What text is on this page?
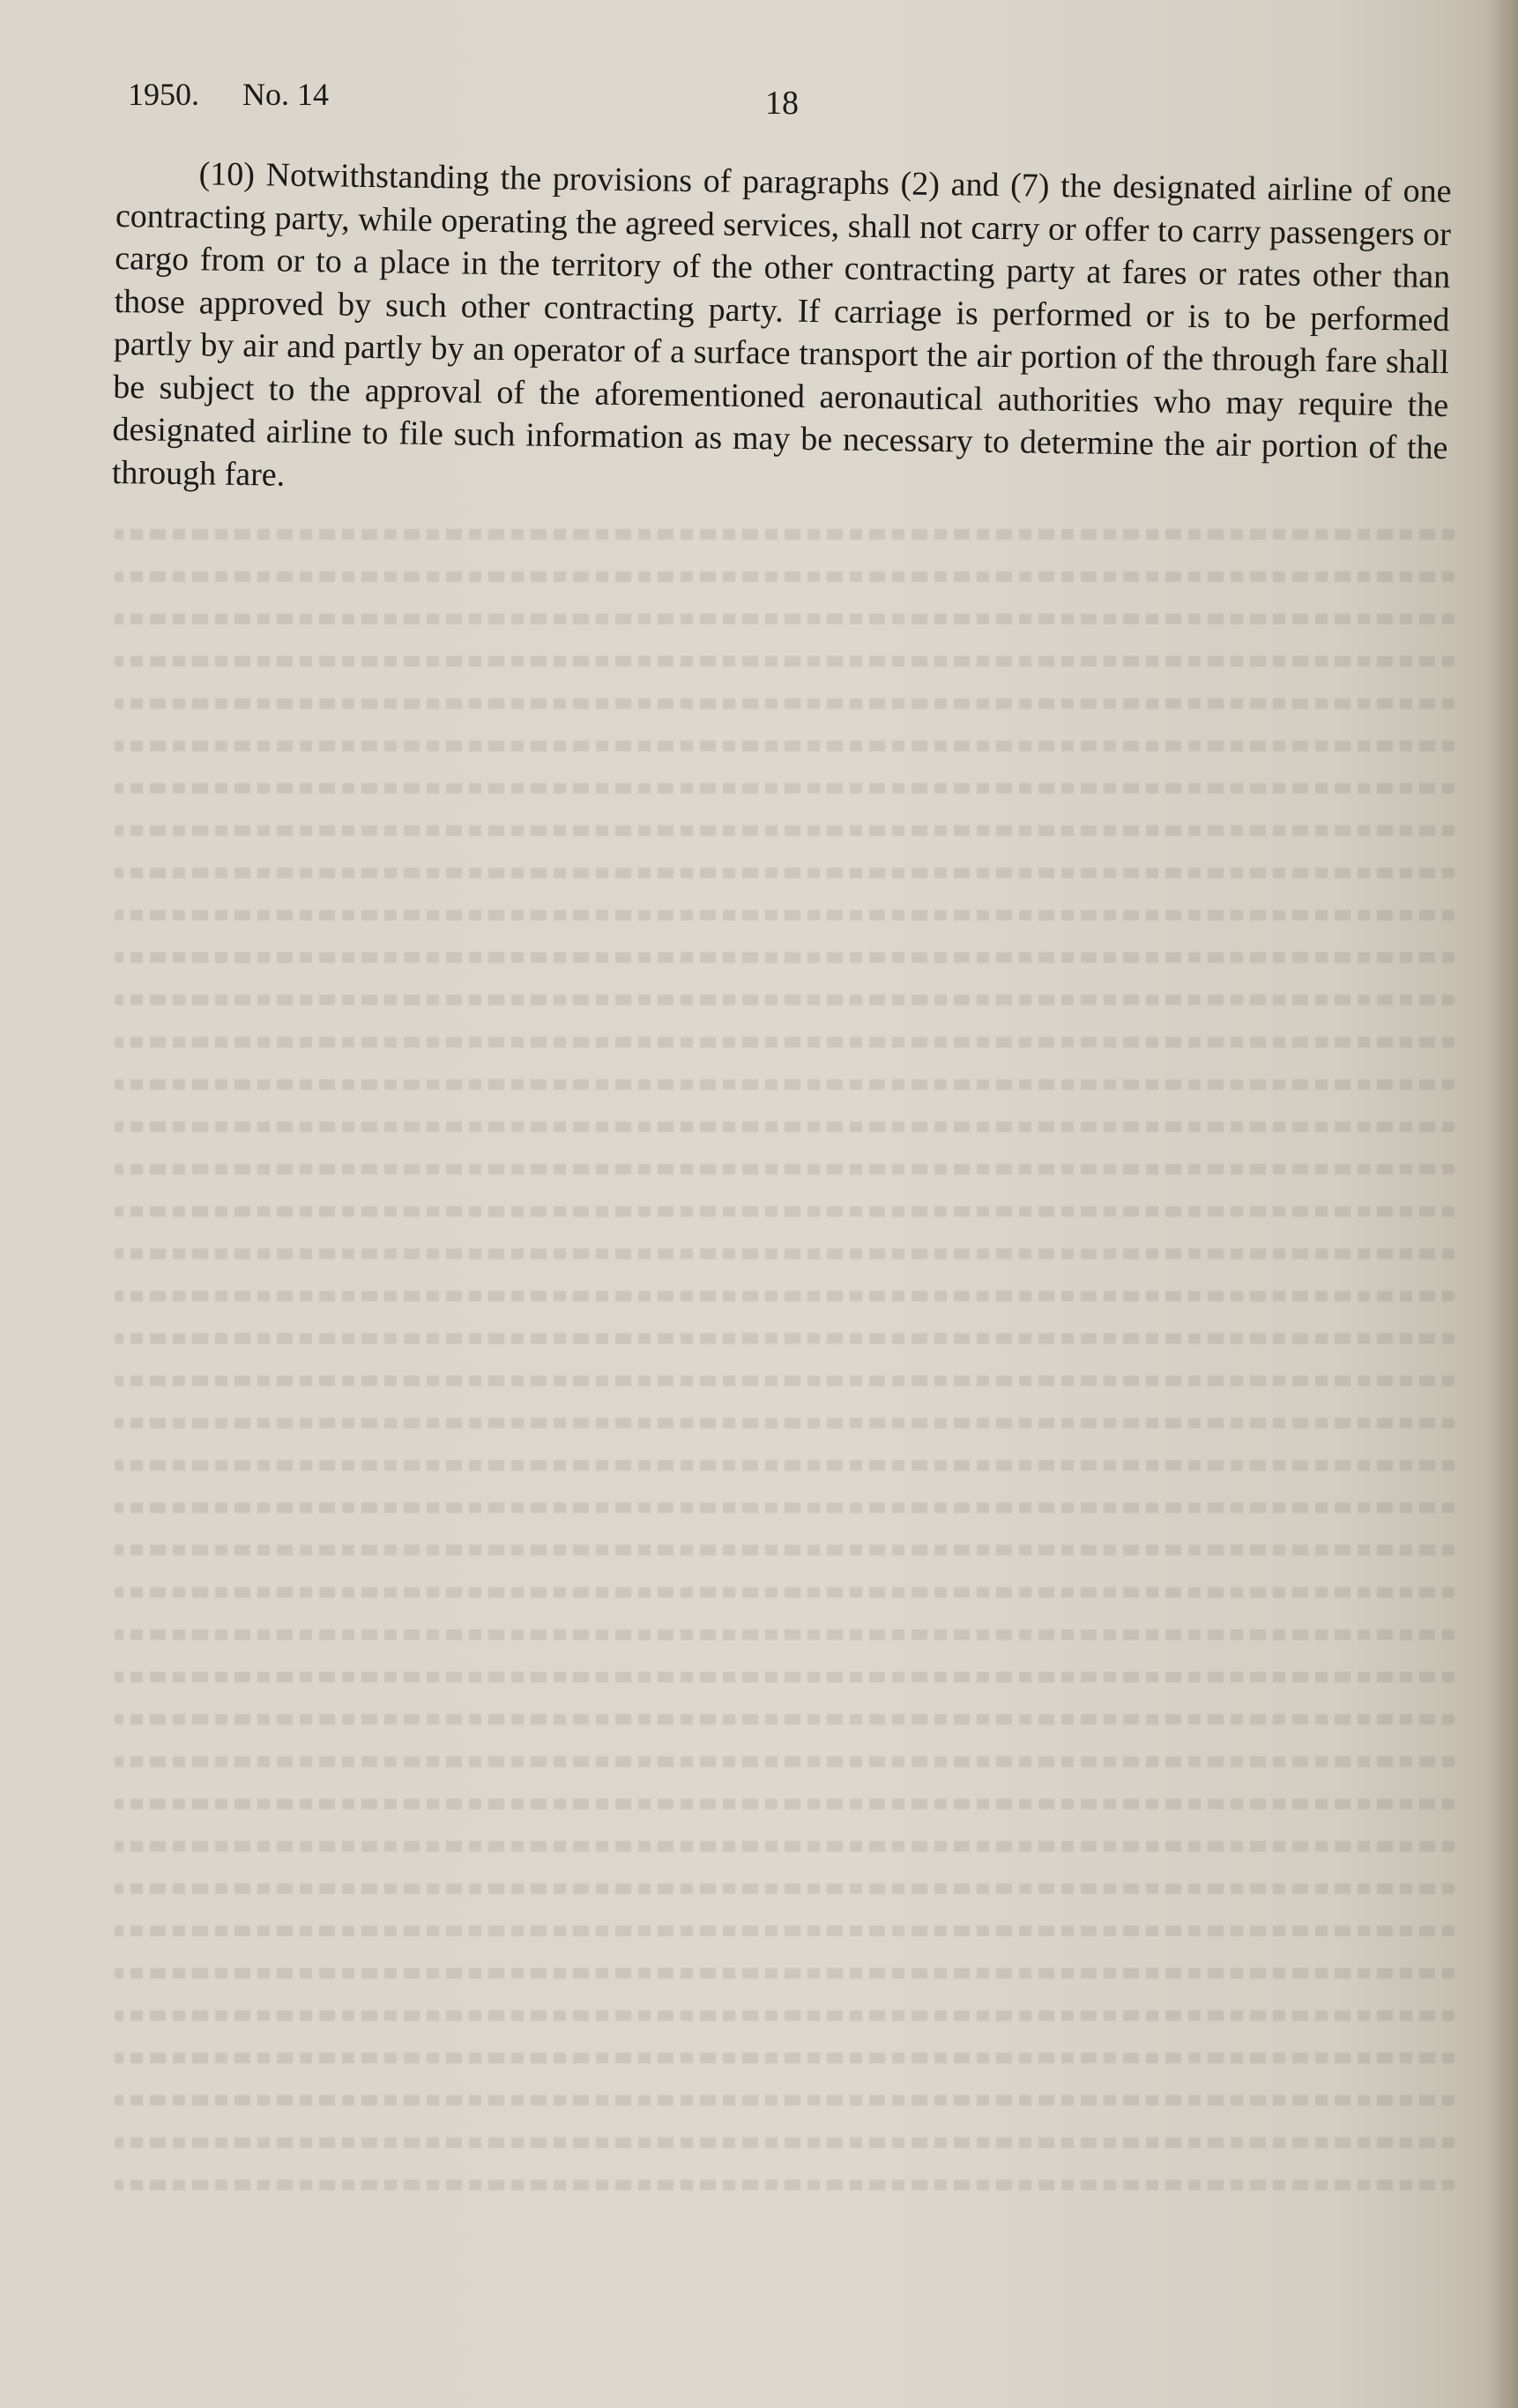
1950. No. 14	18

(10) Notwithstanding the provisions of paragraphs (2) and (7) the designated airline of one contracting party, while operating the agreed services, shall not carry or offer to carry passengers or cargo from or to a place in the territory of the other contracting party at fares or rates other than those approved by such other contracting party. If carriage is performed or is to be performed partly by air and partly by an operator of a surface transport the air portion of the through fare shall be subject to the approval of the aforementioned aeronautical authorities who may require the designated airline to file such information as may be necessary to determine the air portion of the through fare.
